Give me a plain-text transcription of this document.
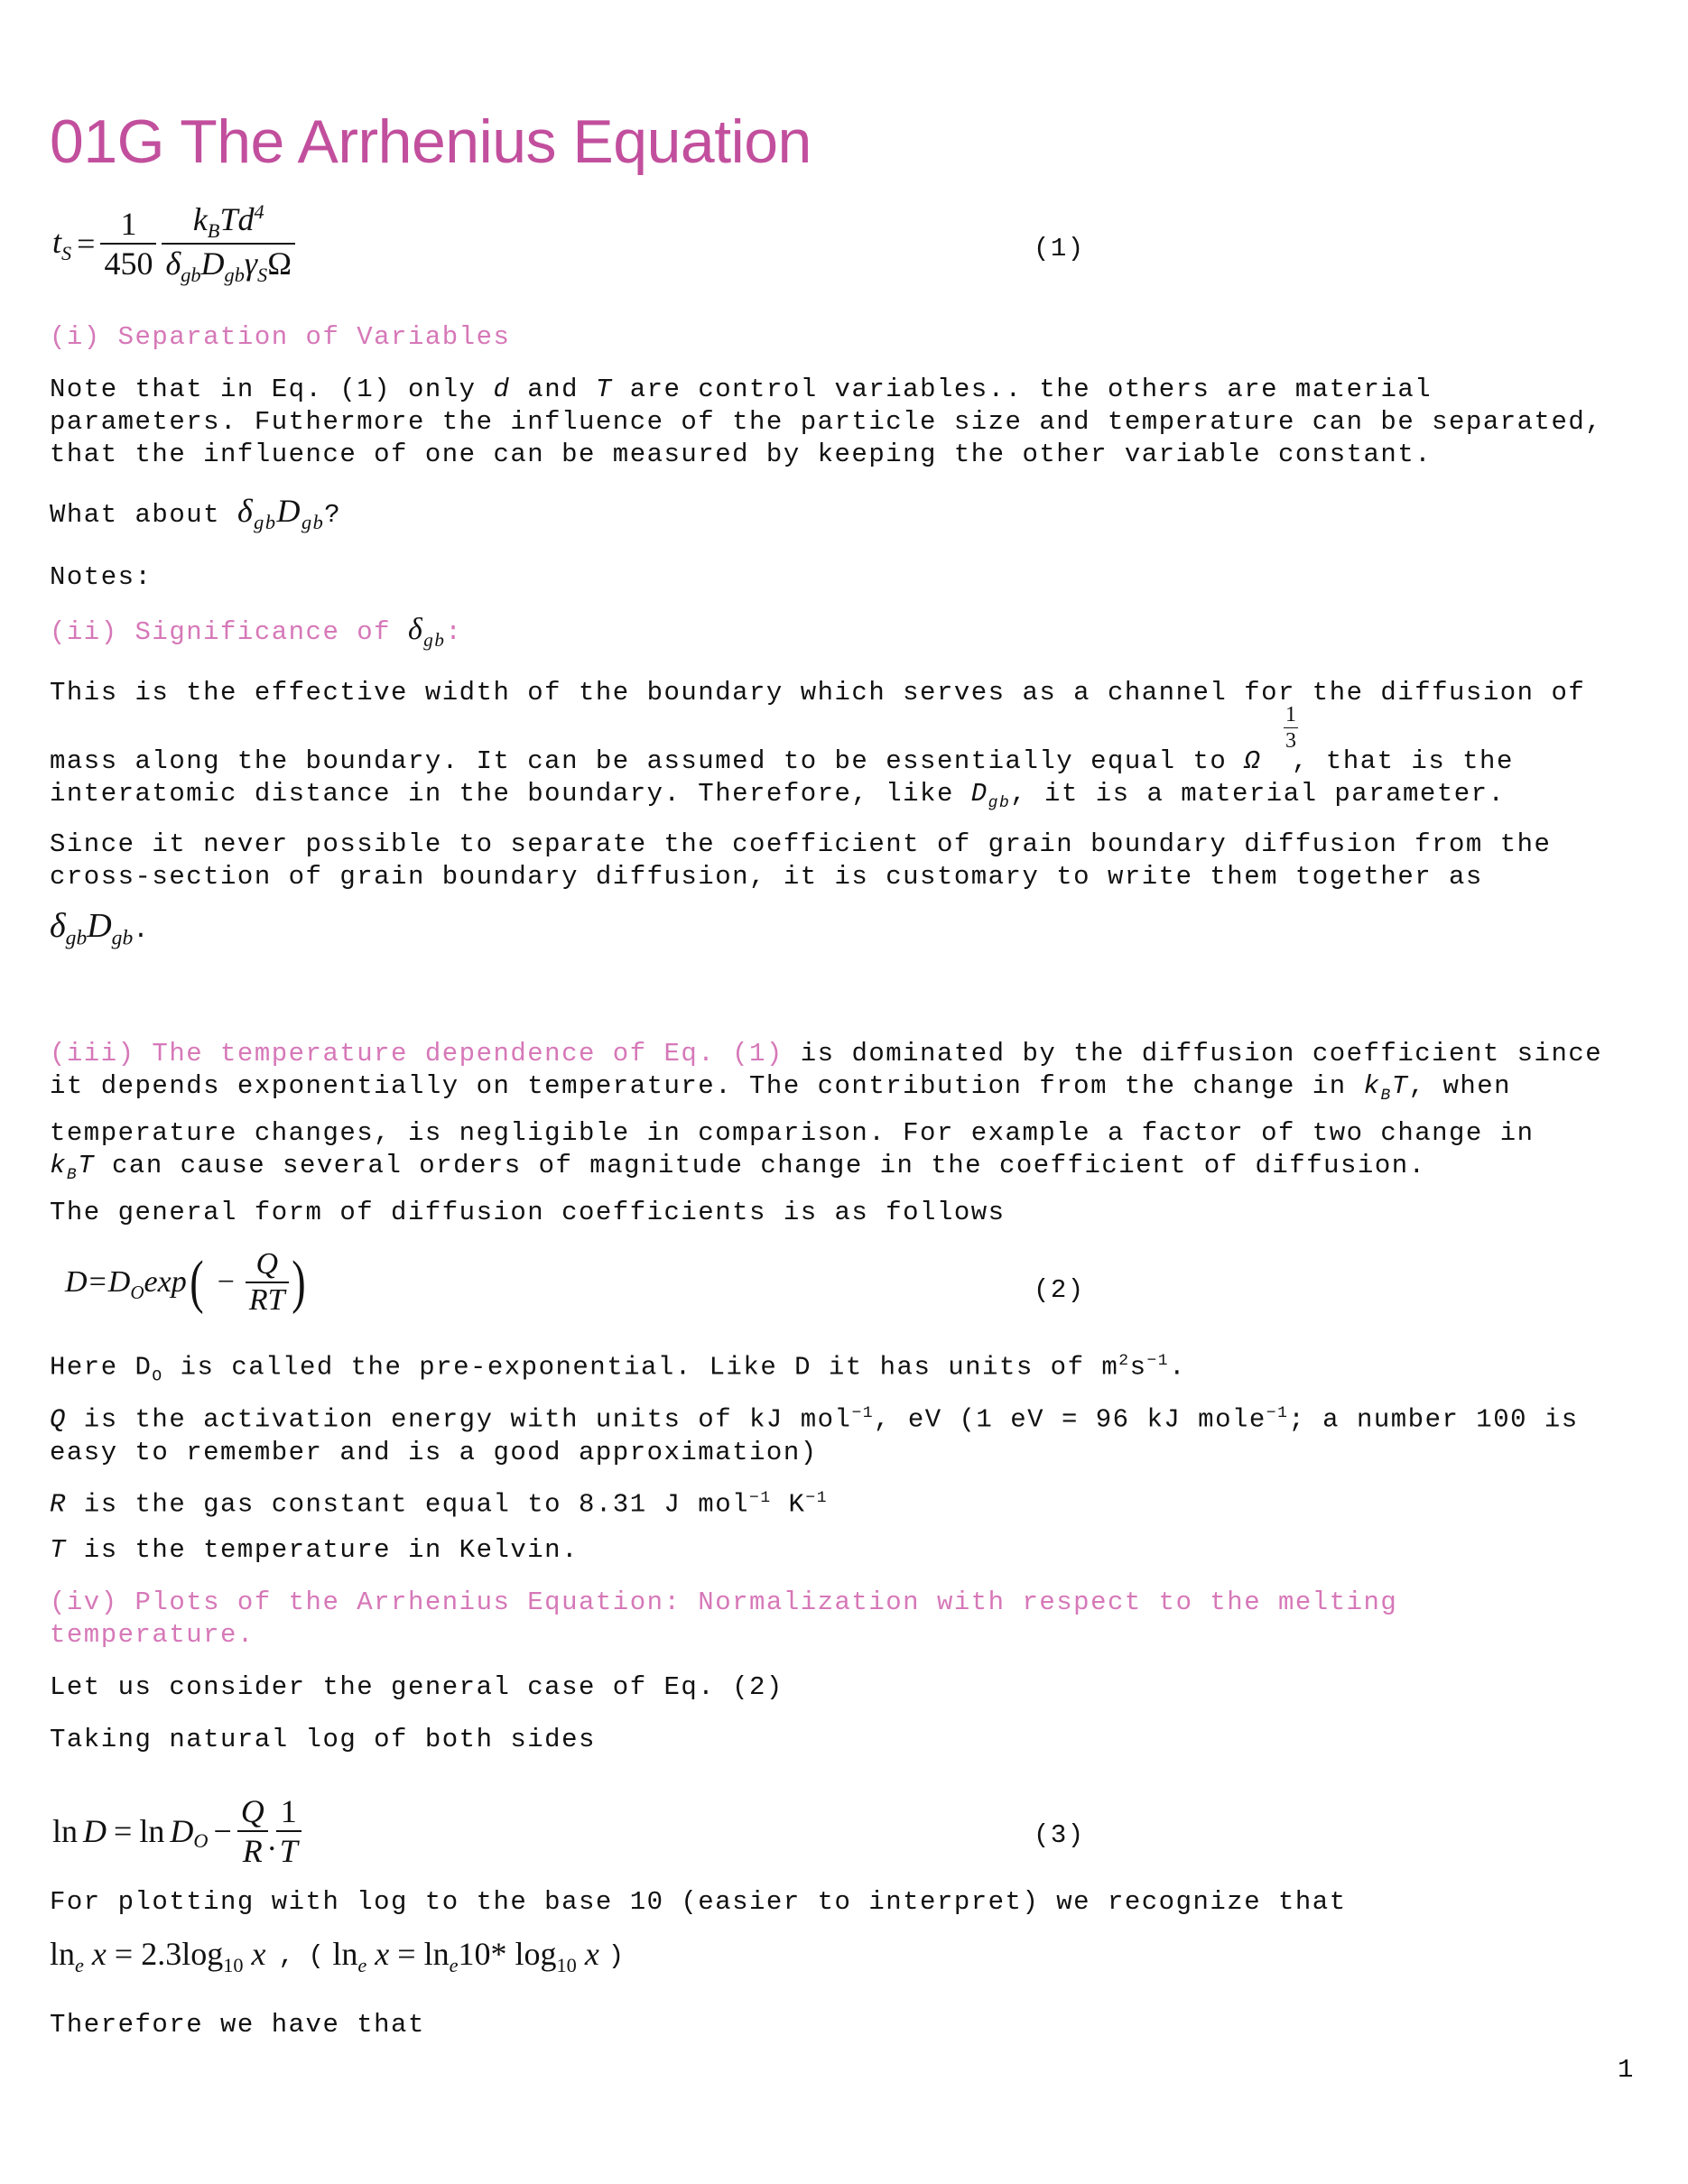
01G The Arrhenius Equation
$t_S = \frac{1}{450} \frac{k_BTd^4}{\delta_{gb}D_{gb}\gamma_S\Omega}$	(1)
(i) Separation of Variables
Note that in Eq. (1) only d and T are control variables.. the others are material
parameters. Futhermore the influence of the particle size and temperature can be separated,
that the influence of one can be measured by keeping the other variable constant.
What about $\delta_{gb}D_{gb}$?
Notes:
(ii) Significance of $\delta_{gb}$:
This is the effective width of the boundary which serves as a channel for the diffusion of
1
3
mass along the boundary. It can be assumed to be essentially equal to Ω , that is the
interatomic distance in the boundary. Therefore, like $D_{gb}$, it is a material parameter.
Since it never possible to separate the coefficient of grain boundary diffusion from the
cross-section of grain boundary diffusion, it is customary to write them together as
$\delta_{gb}D_{gb}$.
(iii) The temperature dependence of Eq. (1) is dominated by the diffusion coefficient since
it depends exponentially on temperature. The contribution from the change in $k_BT$, when
temperature changes, is negligible in comparison. For example a factor of two change in
$k_BT$ can cause several orders of magnitude change in the coefficient of diffusion.
The general form of diffusion coefficients is as follows
$D = D_O$ exp ( − $\frac{Q}{RT}$ )	(2)
Here $D_O$ is called the pre-exponential. Like D it has units of $m^2s^{-1}$.
Q is the activation energy with units of kJ mol$^{-1}$, eV (1 eV = 96 kJ mole$^{-1}$; a number 100 is
easy to remember and is a good approximation)
R is the gas constant equal to 8.31 J mol$^{-1}$ $K^{-1}$
T is the temperature in Kelvin.
(iv) Plots of the Arrhenius Equation: Normalization with respect to the melting
temperature.
Let us consider the general case of Eq. (2)
Taking natural log of both sides
$\ln D = \ln D_O - \frac{Q}{R}$ . $\frac{1}{T}$	(3)
For plotting with log to the base 10 (easier to interpret) we recognize that
$\ln_e x = 2.3\log_{10}$ x , ( $\ln_e x = \ln_e10*$ $\log_{10} x$ )
Therefore we have that
1
